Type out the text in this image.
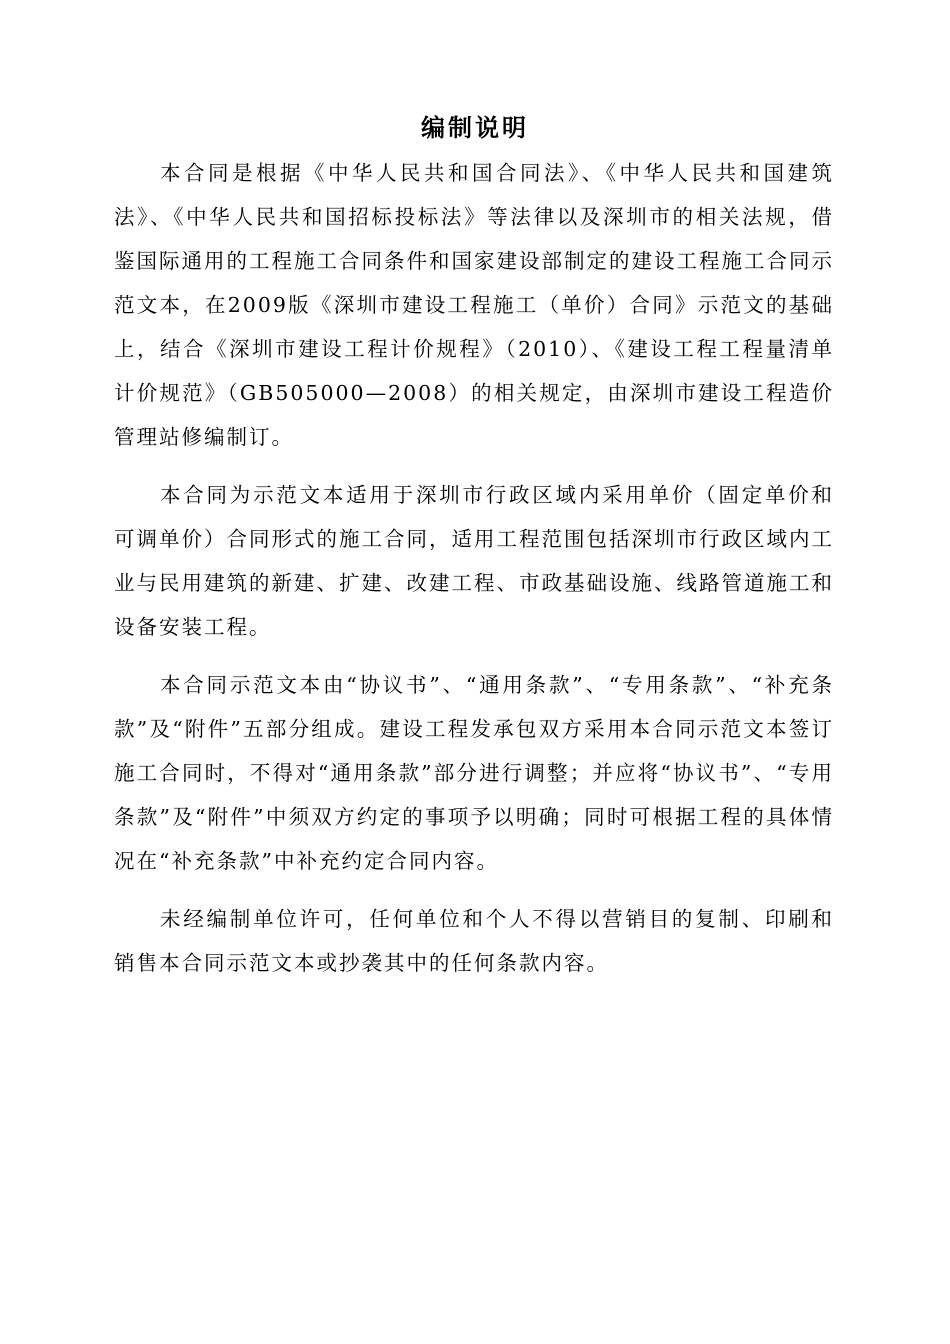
编制说明

本合同是根据《中华人民共和国合同法》、《中华人民共和国建筑法》、《中华人民共和国招标投标法》等法律以及深圳市的相关法规，借鉴国际通用的工程施工合同条件和国家建设部制定的建设工程施工合同示范文本，在2009版《深圳市建设工程施工（单价）合同》示范文的基础上，结合《深圳市建设工程计价规程》（2010）、《建设工程工程量清单计价规范》（GB505000—2008）的相关规定，由深圳市建设工程造价管理站修编制订。

本合同为示范文本适用于深圳市行政区域内采用单价（固定单价和可调单价）合同形式的施工合同，适用工程范围包括深圳市行政区域内工业与民用建筑的新建、扩建、改建工程、市政基础设施、线路管道施工和设备安装工程。

本合同示范文本由“协议书”、“通用条款”、“专用条款”、“补充条款”及“附件”五部分组成。建设工程发承包双方采用本合同示范文本签订施工合同时，不得对“通用条款”部分进行调整；并应将“协议书”、“专用条款”及“附件”中须双方约定的事项予以明确；同时可根据工程的具体情况在“补充条款”中补充约定合同内容。

未经编制单位许可，任何单位和个人不得以营销目的复制、印刷和销售本合同示范文本或抄袭其中的任何条款内容。
